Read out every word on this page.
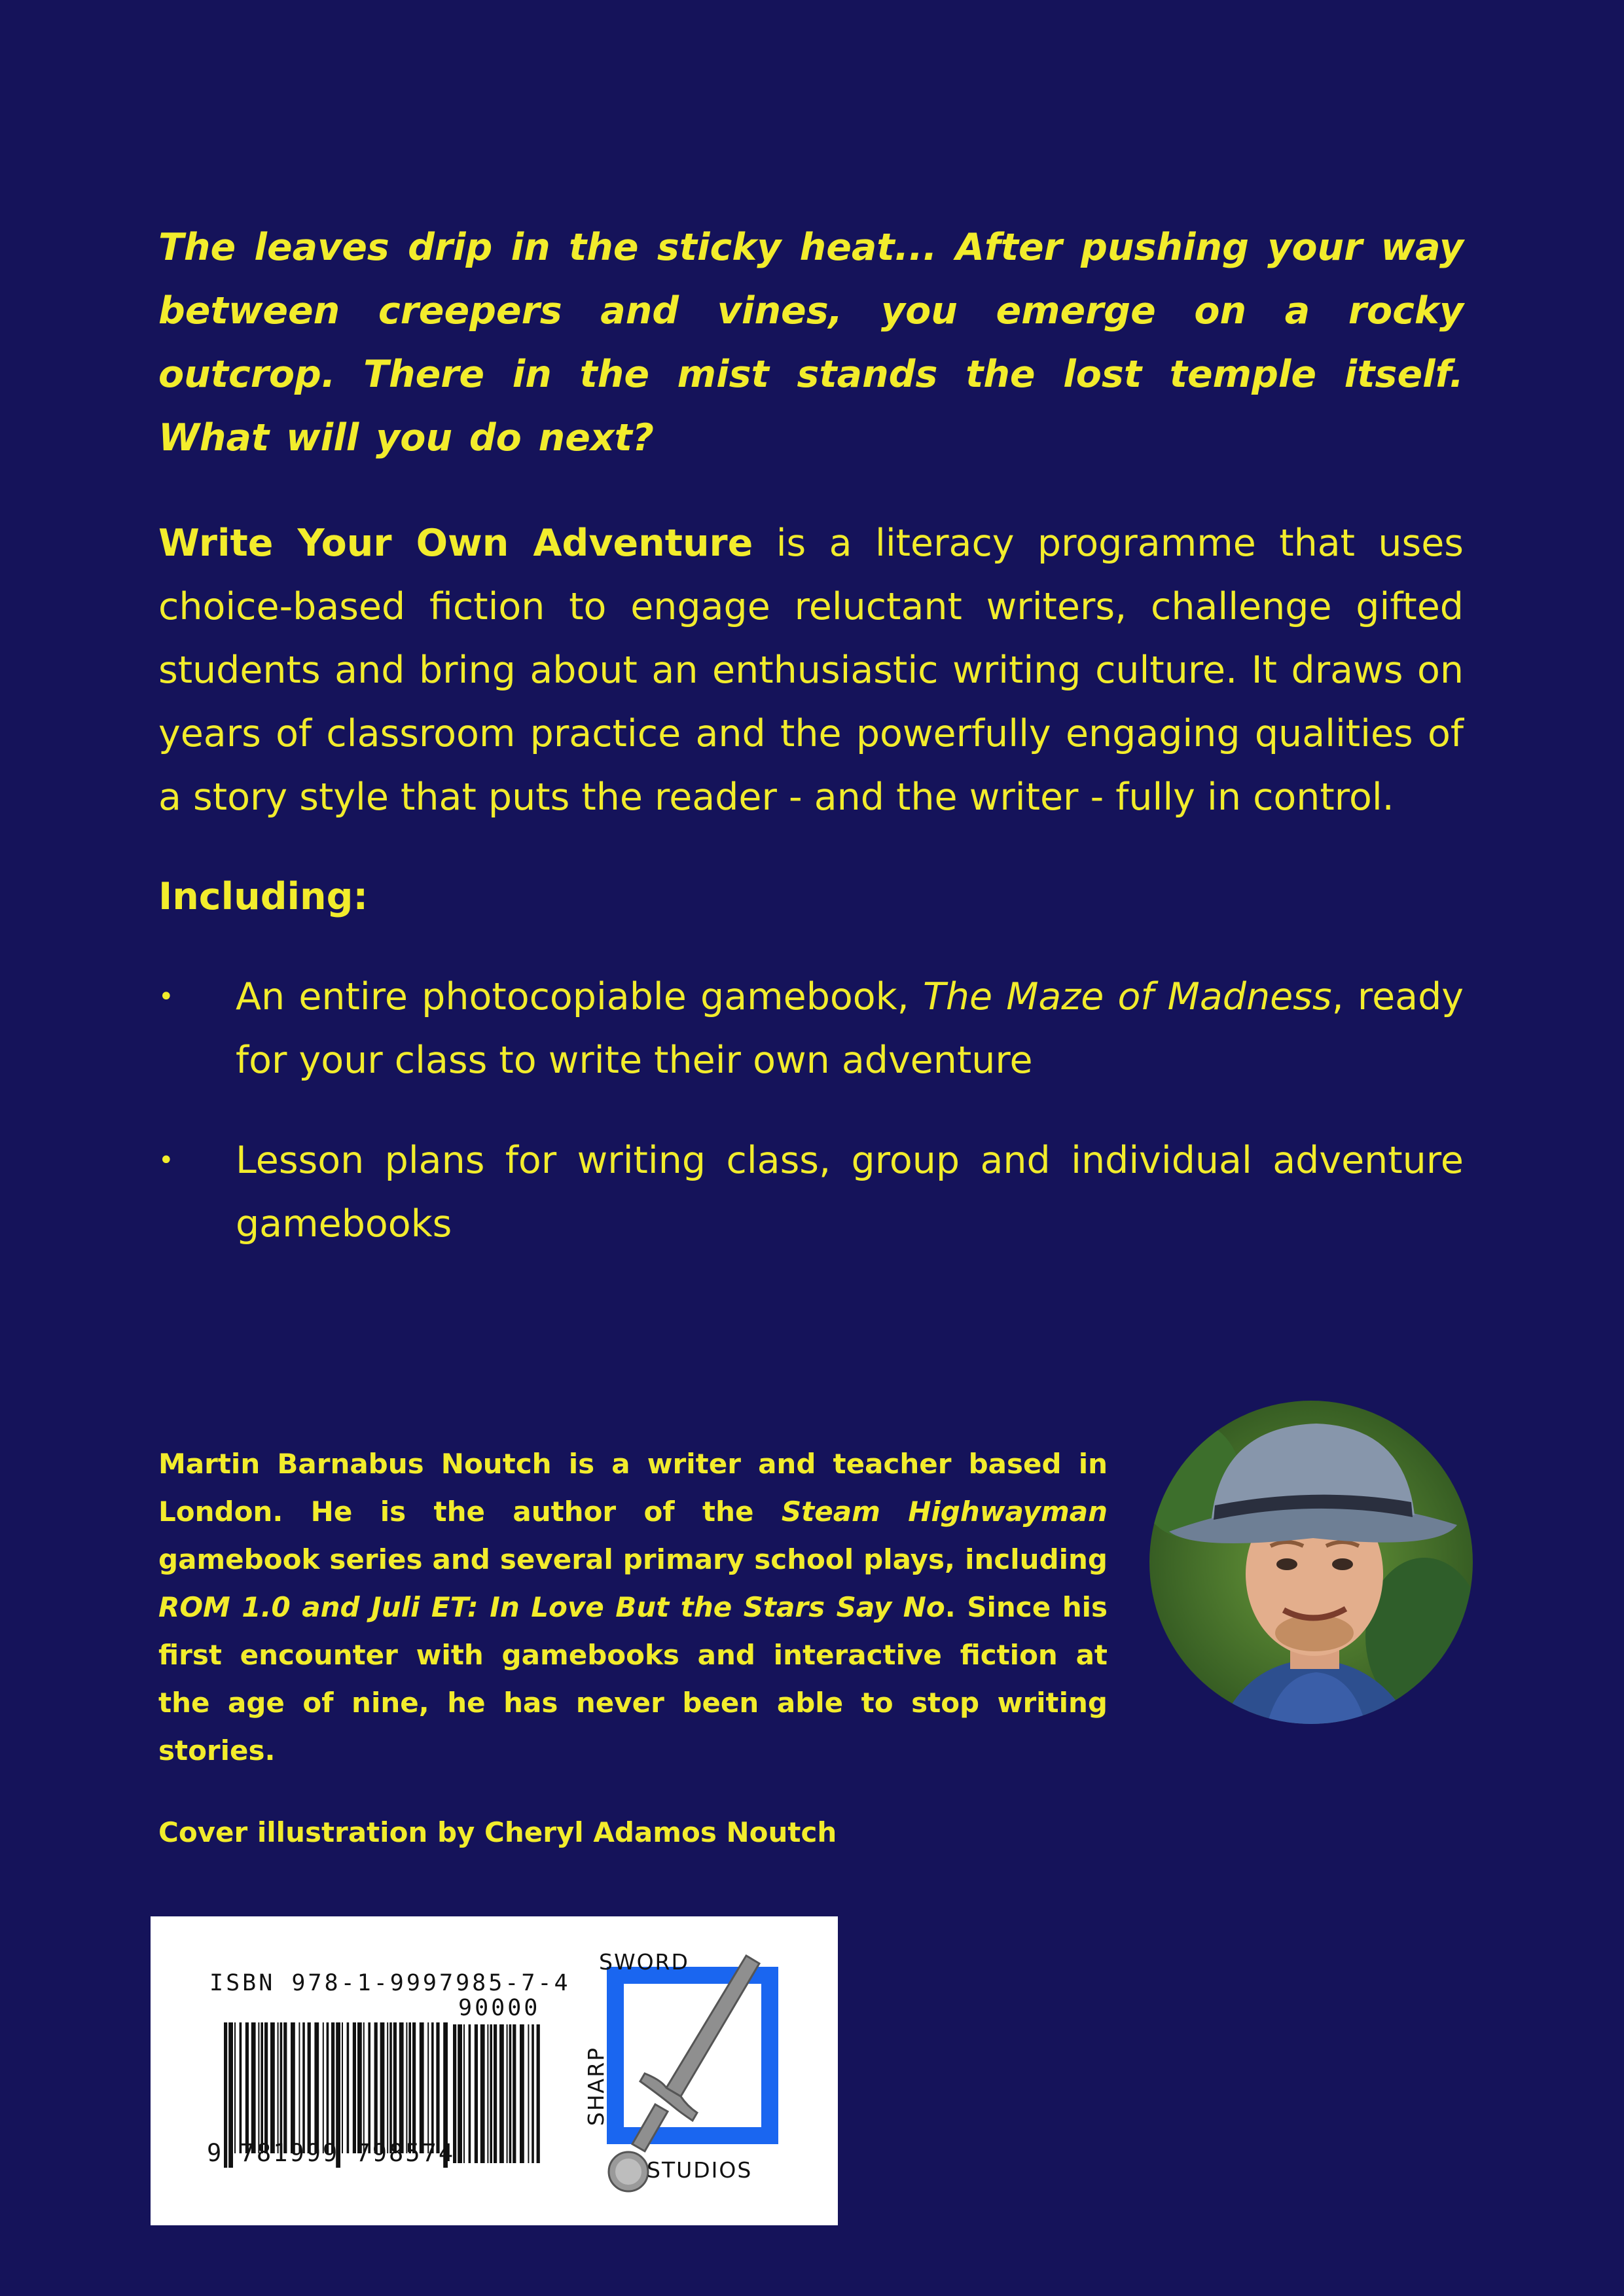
The leaves drip in the sticky heat... After pushing your way between creepers and vines, you emerge on a rocky outcrop. There in the mist stands the lost temple itself. What will you do next?

Write Your Own Adventure is a literacy programme that uses choice-based fiction to engage reluctant writers, challenge gifted students and bring about an enthusiastic writing culture. It draws on years of classroom practice and the powerfully engaging qualities of a story style that puts the reader - and the writer - fully in control.

Including:

• An entire photocopiable gamebook, The Maze of Madness, ready for your class to write their own adventure
• Lesson plans for writing class, group and individual adventure gamebooks

Martin Barnabus Noutch is a writer and teacher based in London. He is the author of the Steam Highwayman gamebook series and several primary school plays, including ROM 1.0 and Juli ET: In Love But the Stars Say No. Since his first encounter with gamebooks and interactive fiction at the age of nine, he has never been able to stop writing stories.

Cover illustration by Cheryl Adamos Noutch

ISBN 978-1-9997985-7-4
90000
9 781999 798574
SWORD
SHARP
STUDIOS
